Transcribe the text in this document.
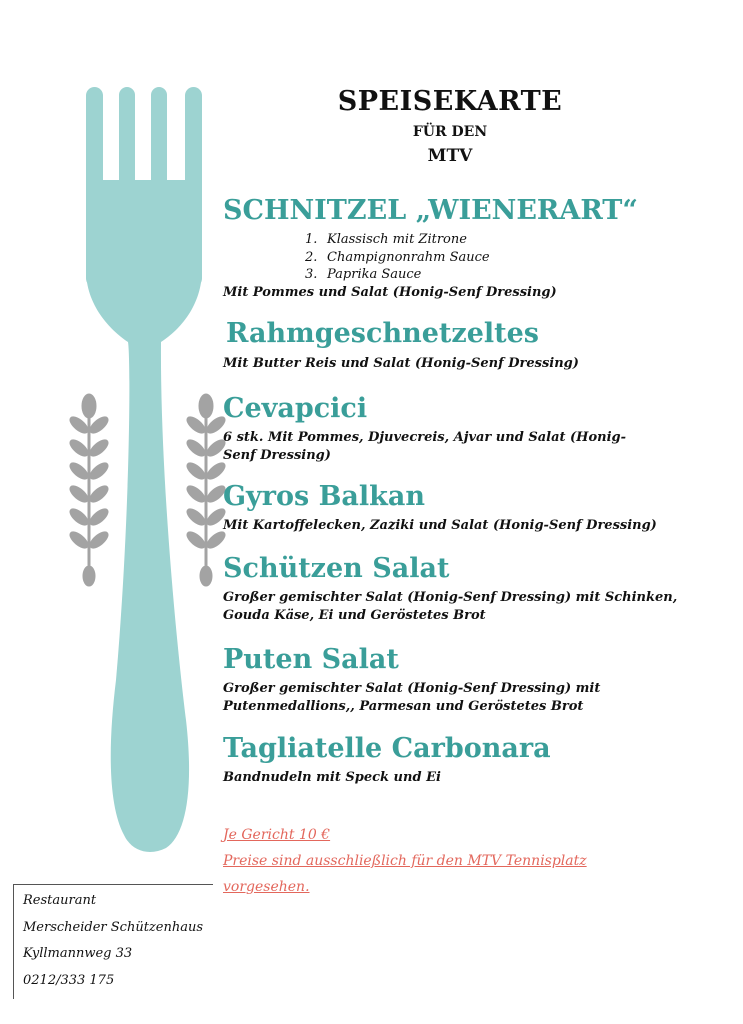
SPEISEKARTE
FÜR DEN
MTV
SCHNITZEL „WIENERART“
1. Klassisch mit Zitrone
2. Champignonrahm Sauce
3. Paprika Sauce
Mit Pommes und Salat (Honig-Senf Dressing)
Rahmgeschnetzeltes
Mit Butter Reis und Salat (Honig-Senf Dressing)
Cevapcici
6 stk. Mit Pommes, Djuvecreis, Ajvar und Salat (Honig-Senf Dressing)
Gyros Balkan
Mit Kartoffelecken, Zaziki und Salat (Honig-Senf Dressing)
Schützen Salat
Großer gemischter Salat (Honig-Senf Dressing) mit Schinken, Gouda Käse, Ei und Geröstetes Brot
Puten Salat
Großer gemischter Salat (Honig-Senf Dressing) mit
Putenmedallions,, Parmesan und Geröstetes Brot
Tagliatelle Carbonara
Bandnudeln mit Speck und Ei
Je Gericht 10 €
Preise sind ausschließlich für den MTV Tennisplatz
vorgesehen.
Restaurant
Merscheider Schützenhaus
Kyllmannweg 33
0212/333 175
